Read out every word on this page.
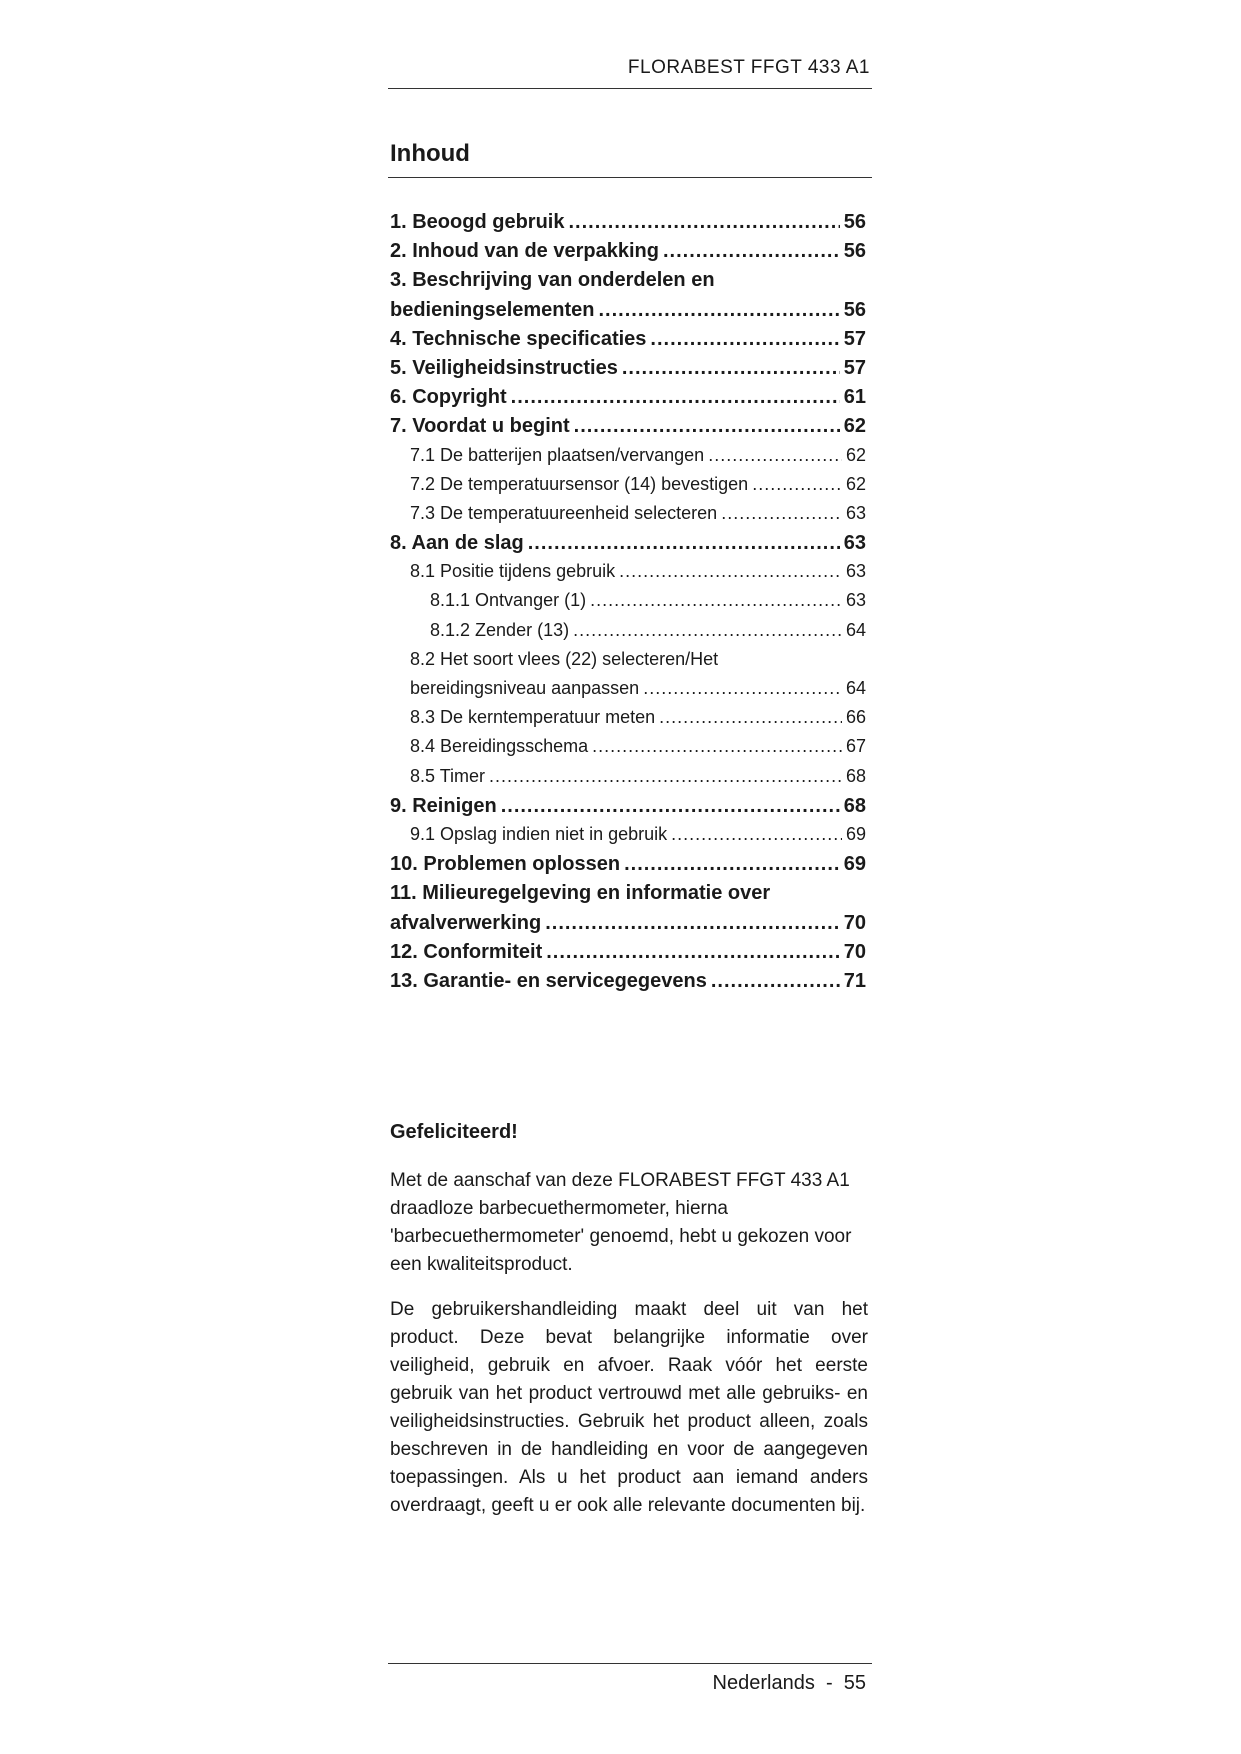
FLORABEST FFGT 433 A1
Inhoud
1. Beoogd gebruik .....	56
2. Inhoud van de verpakking .....	56
3. Beschrijving van onderdelen en
bedieningselementen .....	56
4. Technische specificaties .....	57
5. Veiligheidsinstructies .....	57
6. Copyright .....	61
7. Voordat u begint .....	62
7.1 De batterijen plaatsen/vervangen .....	62
7.2 De temperatuursensor (14) bevestigen .....	62
7.3 De temperatuureenheid selecteren .....	63
8. Aan de slag .....	63
8.1 Positie tijdens gebruik .....	63
8.1.1 Ontvanger (1) .....	63
8.1.2 Zender (13) .....	64
8.2 Het soort vlees (22) selecteren/Het
bereidingsniveau aanpassen .....	64
8.3 De kerntemperatuur meten .....	66
8.4 Bereidingsschema .....	67
8.5 Timer .....	68
9. Reinigen .....	68
9.1 Opslag indien niet in gebruik .....	69
10. Problemen oplossen .....	69
11. Milieuregelgeving en informatie over
afvalverwerking .....	70
12. Conformiteit .....	70
13. Garantie- en servicegegevens .....	71
Gefeliciteerd!
Met de aanschaf van deze FLORABEST FFGT 433 A1 draadloze barbecuethermometer, hierna 'barbecuethermometer' genoemd, hebt u gekozen voor een kwaliteitsproduct.
De gebruikershandleiding maakt deel uit van het product. Deze bevat belangrijke informatie over veiligheid, gebruik en afvoer. Raak vóór het eerste gebruik van het product vertrouwd met alle gebruiks- en veiligheidsinstructies. Gebruik het product alleen, zoals beschreven in de handleiding en voor de aangegeven toepassingen. Als u het product aan iemand anders overdraagt, geeft u er ook alle relevante documenten bij.
Nederlands - 55
